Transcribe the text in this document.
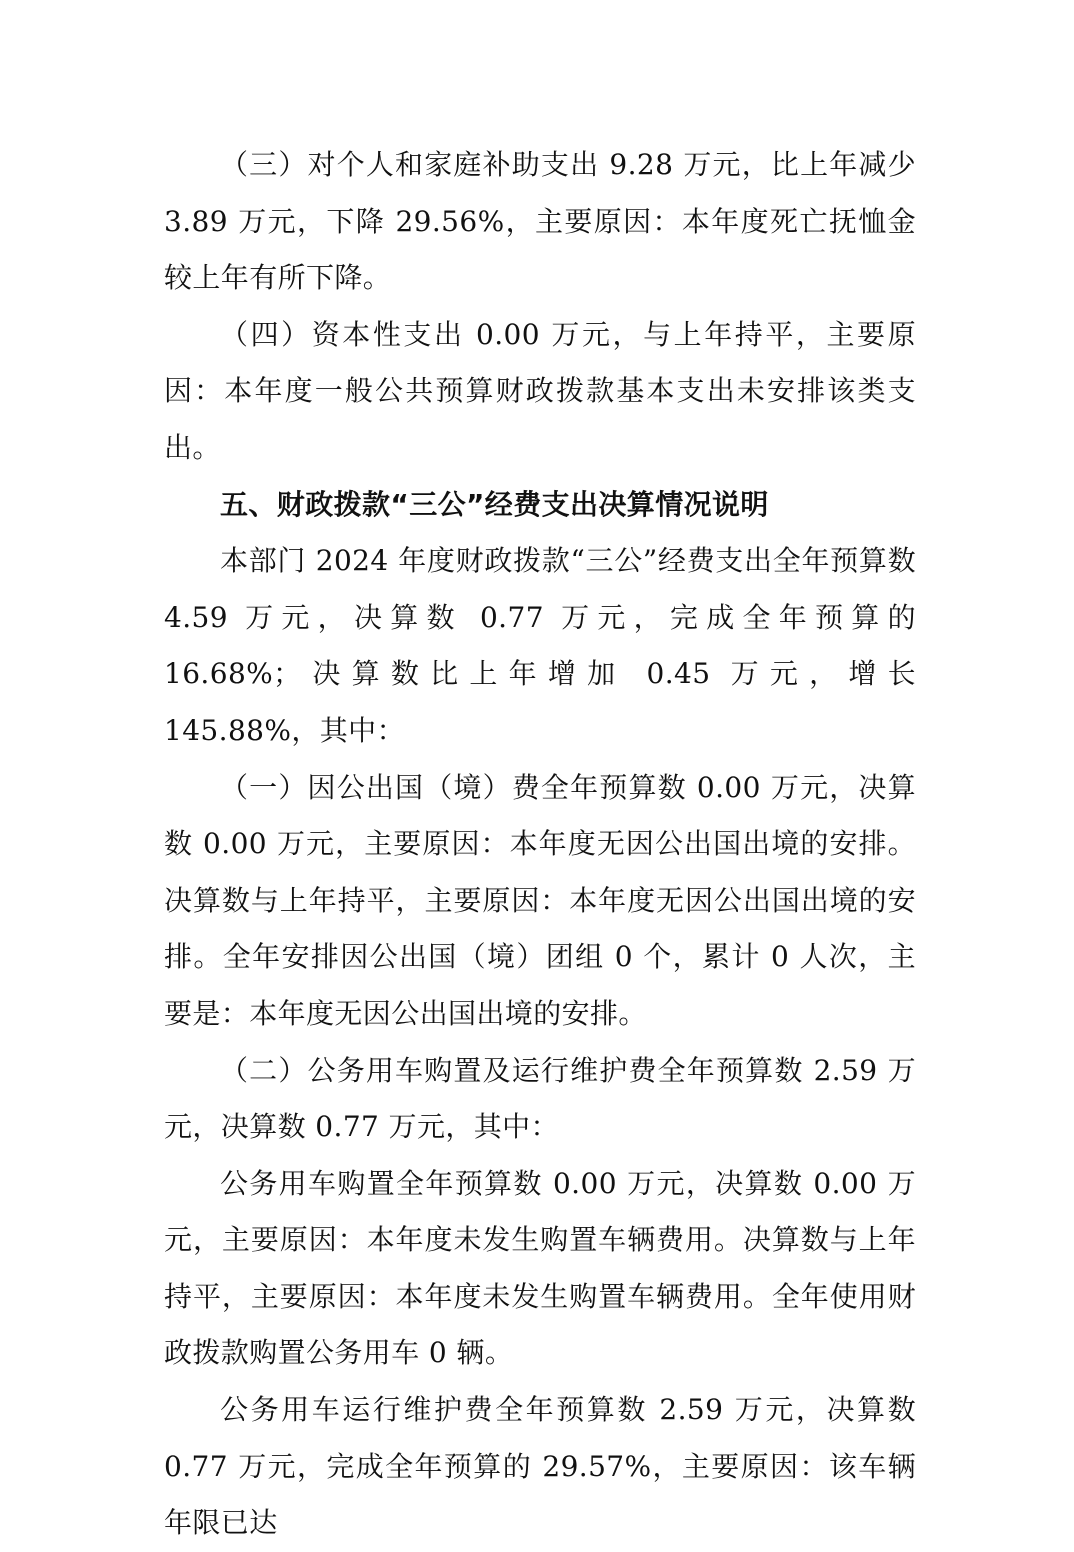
（三）对个人和家庭补助支出 9.28 万元，比上年减少 3.89 万元，下降 29.56%，主要原因：本年度死亡抚恤金较上年有所下降。

（四）资本性支出 0.00 万元，与上年持平，主要原因：本年度一般公共预算财政拨款基本支出未安排该类支出。

五、财政拨款“三公”经费支出决算情况说明

本部门 2024 年度财政拨款“三公”经费支出全年预算数 4.59 万元，决算数 0.77 万元，完成全年预算的 16.68%；决算数比上年增加 0.45 万元，增长 145.88%，其中：

（一）因公出国（境）费全年预算数 0.00 万元，决算数 0.00 万元，主要原因：本年度无因公出国出境的安排。决算数与上年持平，主要原因：本年度无因公出国出境的安排。全年安排因公出国（境）团组 0 个，累计 0 人次，主要是：本年度无因公出国出境的安排。

（二）公务用车购置及运行维护费全年预算数 2.59 万元，决算数 0.77 万元，其中：

公务用车购置全年预算数 0.00 万元，决算数 0.00 万元，主要原因：本年度未发生购置车辆费用。决算数与上年持平，主要原因：本年度未发生购置车辆费用。全年使用财政拨款购置公务用车 0 辆。

公务用车运行维护费全年预算数 2.59 万元，决算数 0.77 万元，完成全年预算的 29.57%，主要原因：该车辆年限已达
